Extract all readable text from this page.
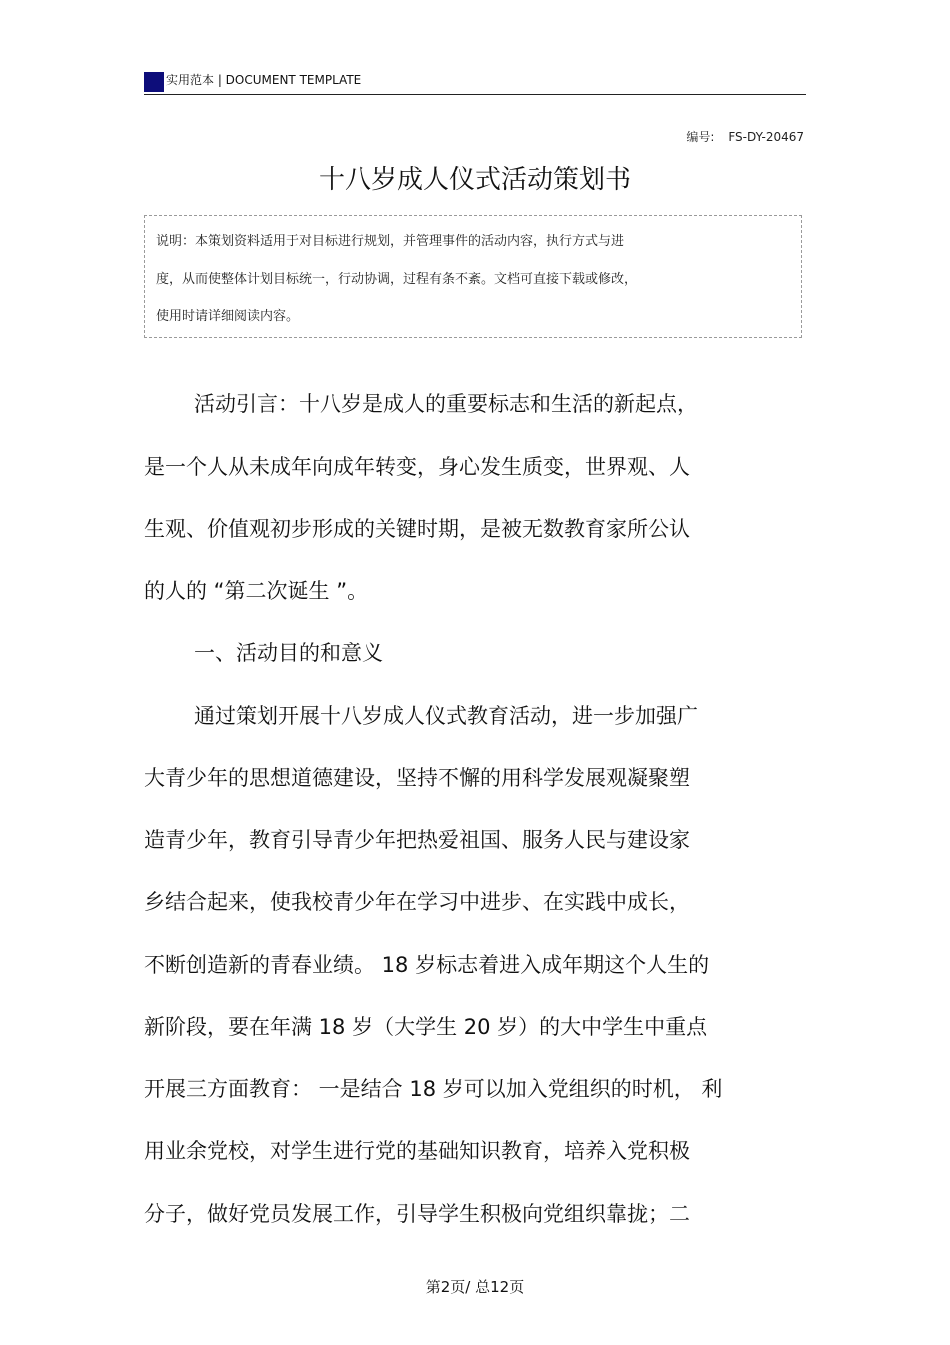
实用范本 | DOCUMENT TEMPLATE
编号: FS-DY-20467
十八岁成人仪式活动策划书

说明：本策划资料适用于对目标进行规划，并管理事件的活动内容，执行方式与进

度，从而使整体计划目标统一，行动协调，过程有条不紊。文档可直接下载或修改，

使用时请详细阅读内容。

活动引言：十八岁是成人的重要标志和生活的新起点，
是一个人从未成年向成年转变，身心发生质变，世界观、人
生观、价值观初步形成的关键时期，是被无数教育家所公认
的人的 “第二次诞生 ”。
一、活动目的和意义
通过策划开展十八岁成人仪式教育活动，进一步加强广
大青少年的思想道德建设，坚持不懈的用科学发展观凝聚塑
造青少年，教育引导青少年把热爱祖国、服务人民与建设家
乡结合起来，使我校青少年在学习中进步、在实践中成长，
不断创造新的青春业绩。 18 岁标志着进入成年期这个人生的
新阶段，要在年满 18 岁（大学生 20 岁）的大中学生中重点
开展三方面教育： 一是结合 18 岁可以加入党组织的时机， 利
用业余党校，对学生进行党的基础知识教育，培养入党积极
分子，做好党员发展工作，引导学生积极向党组织靠拢；二
第2页/ 总12页
